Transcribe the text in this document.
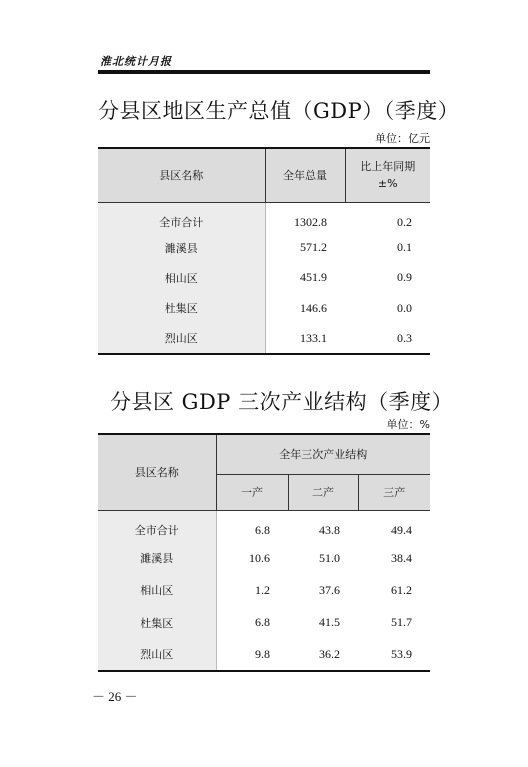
淮北统计月报
分县区地区生产总值（GDP）（季度）
单位：亿元
县区名称	全年总量	比上年同期±%
全市合计	1302.8	0.2
濉溪县	571.2	0.1
相山区	451.9	0.9
杜集区	146.6	0.0
烈山区	133.1	0.3
分县区 GDP 三次产业结构（季度）
单位：%
县区名称	全年三次产业结构		
	一产	二产	三产
全市合计	6.8	43.8	49.4
濉溪县	10.6	51.0	38.4
相山区	1.2	37.6	61.2
杜集区	6.8	41.5	51.7
烈山区	9.8	36.2	53.9
－ 26 －
